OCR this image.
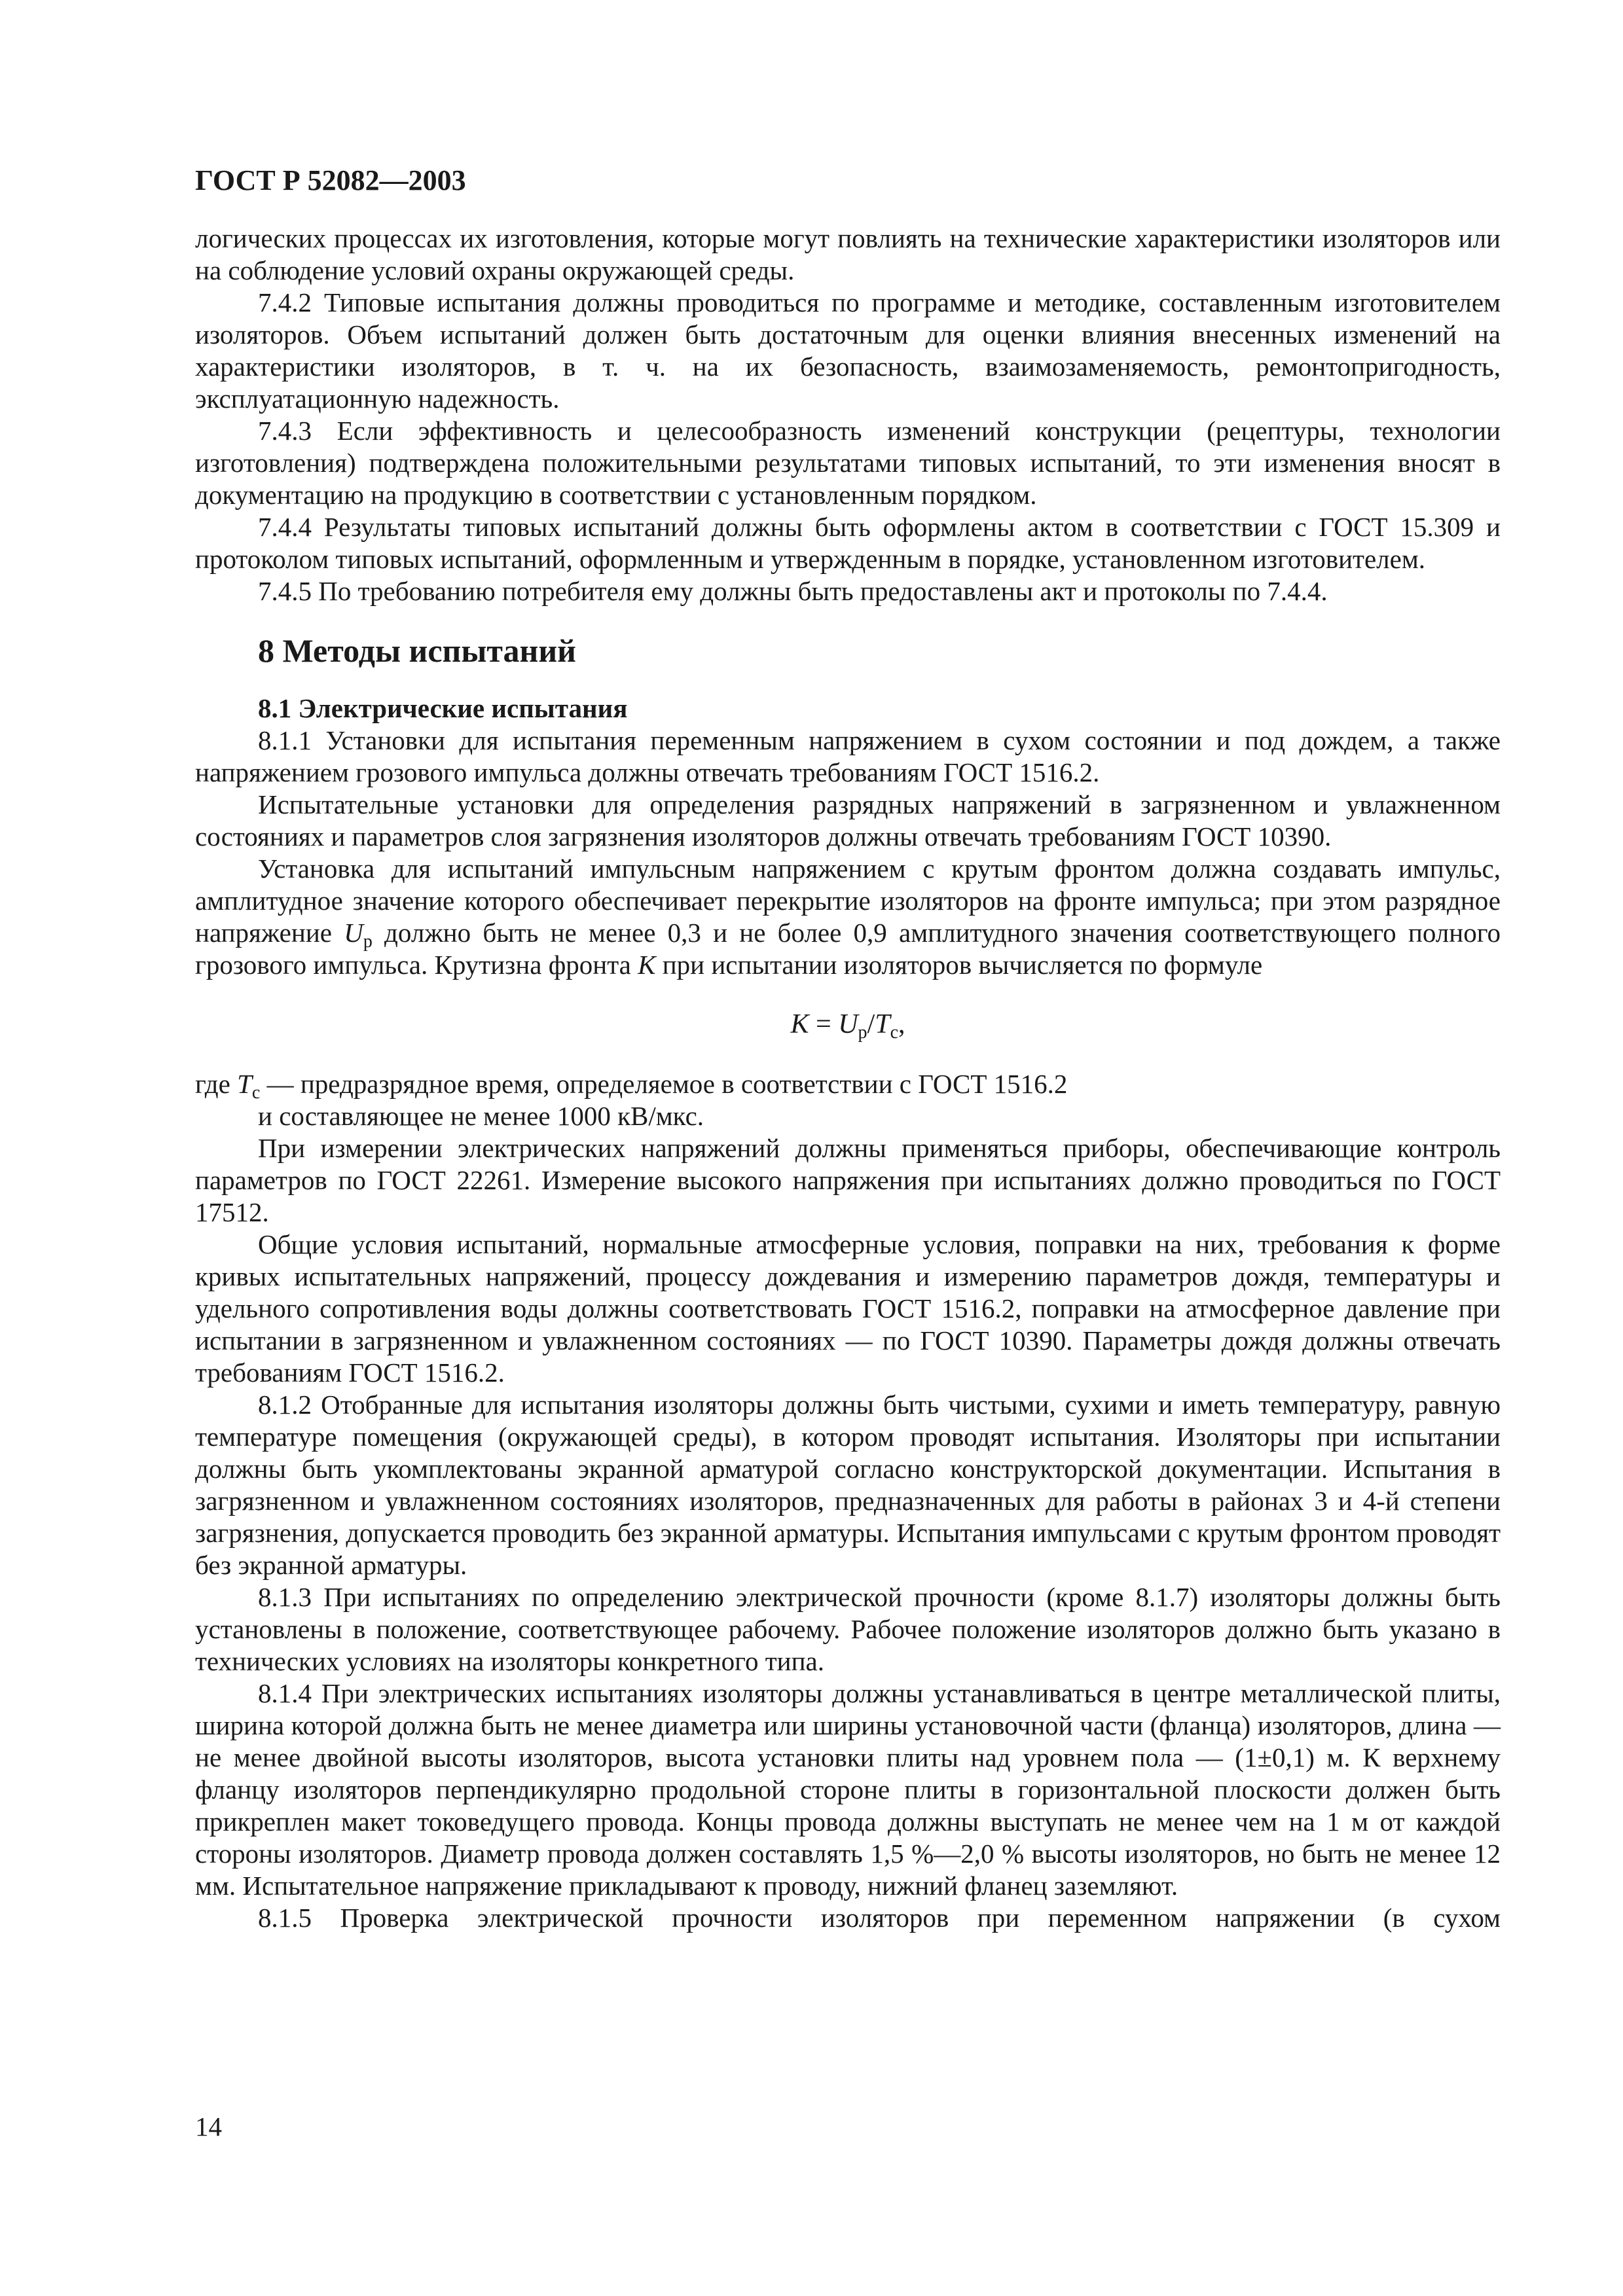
ГОСТ Р 52082—2003

логических процессах их изготовления, которые могут повлиять на технические характеристики изоляторов или на соблюдение условий охраны окружающей среды.

7.4.2 Типовые испытания должны проводиться по программе и методике, составленным изготовителем изоляторов. Объем испытаний должен быть достаточным для оценки влияния внесенных изменений на характеристики изоляторов, в т. ч. на их безопасность, взаимозаменяемость, ремонтопригодность, эксплуатационную надежность.

7.4.3 Если эффективность и целесообразность изменений конструкции (рецептуры, технологии изготовления) подтверждена положительными результатами типовых испытаний, то эти изменения вносят в документацию на продукцию в соответствии с установленным порядком.

7.4.4 Результаты типовых испытаний должны быть оформлены актом в соответствии с ГОСТ 15.309 и протоколом типовых испытаний, оформленным и утвержденным в порядке, установленном изготовителем.

7.4.5 По требованию потребителя ему должны быть предоставлены акт и протоколы по 7.4.4.

8 Методы испытаний
8.1 Электрические испытания

8.1.1 Установки для испытания переменным напряжением в сухом состоянии и под дождем, а также напряжением грозового импульса должны отвечать требованиям ГОСТ 1516.2.

Испытательные установки для определения разрядных напряжений в загрязненном и увлажненном состояниях и параметров слоя загрязнения изоляторов должны отвечать требованиям ГОСТ 10390.

Установка для испытаний импульсным напряжением с крутым фронтом должна создавать импульс, амплитудное значение которого обеспечивает перекрытие изоляторов на фронте импульса; при этом разрядное напряжение $U_р$ должно быть не менее 0,3 и не более 0,9 амплитудного значения соответствующего полного грозового импульса. Крутизна фронта K при испытании изоляторов вычисляется по формуле

$K = U_р/T_с$,

где $T_с$ — предразрядное время, определяемое в соответствии с ГОСТ 1516.2

и составляющее не менее 1000 кВ/мкс.

При измерении электрических напряжений должны применяться приборы, обеспечивающие контроль параметров по ГОСТ 22261. Измерение высокого напряжения при испытаниях должно проводиться по ГОСТ 17512.

Общие условия испытаний, нормальные атмосферные условия, поправки на них, требования к форме кривых испытательных напряжений, процессу дождевания и измерению параметров дождя, температуры и удельного сопротивления воды должны соответствовать ГОСТ 1516.2, поправки на атмосферное давление при испытании в загрязненном и увлажненном состояниях — по ГОСТ 10390. Параметры дождя должны отвечать требованиям ГОСТ 1516.2.

8.1.2 Отобранные для испытания изоляторы должны быть чистыми, сухими и иметь температуру, равную температуре помещения (окружающей среды), в котором проводят испытания. Изоляторы при испытании должны быть укомплектованы экранной арматурой согласно конструкторской документации. Испытания в загрязненном и увлажненном состояниях изоляторов, предназначенных для работы в районах 3 и 4-й степени загрязнения, допускается проводить без экранной арматуры. Испытания импульсами с крутым фронтом проводят без экранной арматуры.

8.1.3 При испытаниях по определению электрической прочности (кроме 8.1.7) изоляторы должны быть установлены в положение, соответствующее рабочему. Рабочее положение изоляторов должно быть указано в технических условиях на изоляторы конкретного типа.

8.1.4 При электрических испытаниях изоляторы должны устанавливаться в центре металлической плиты, ширина которой должна быть не менее диаметра или ширины установочной части (фланца) изоляторов, длина — не менее двойной высоты изоляторов, высота установки плиты над уровнем пола — (1±0,1) м. К верхнему фланцу изоляторов перпендикулярно продольной стороне плиты в горизонтальной плоскости должен быть прикреплен макет токоведущего провода. Концы провода должны выступать не менее чем на 1 м от каждой стороны изоляторов. Диаметр провода должен составлять 1,5 %—2,0 % высоты изоляторов, но быть не менее 12 мм. Испытательное напряжение прикладывают к проводу, нижний фланец заземляют.

8.1.5 Проверка электрической прочности изоляторов при переменном напряжении (в сухом

14
